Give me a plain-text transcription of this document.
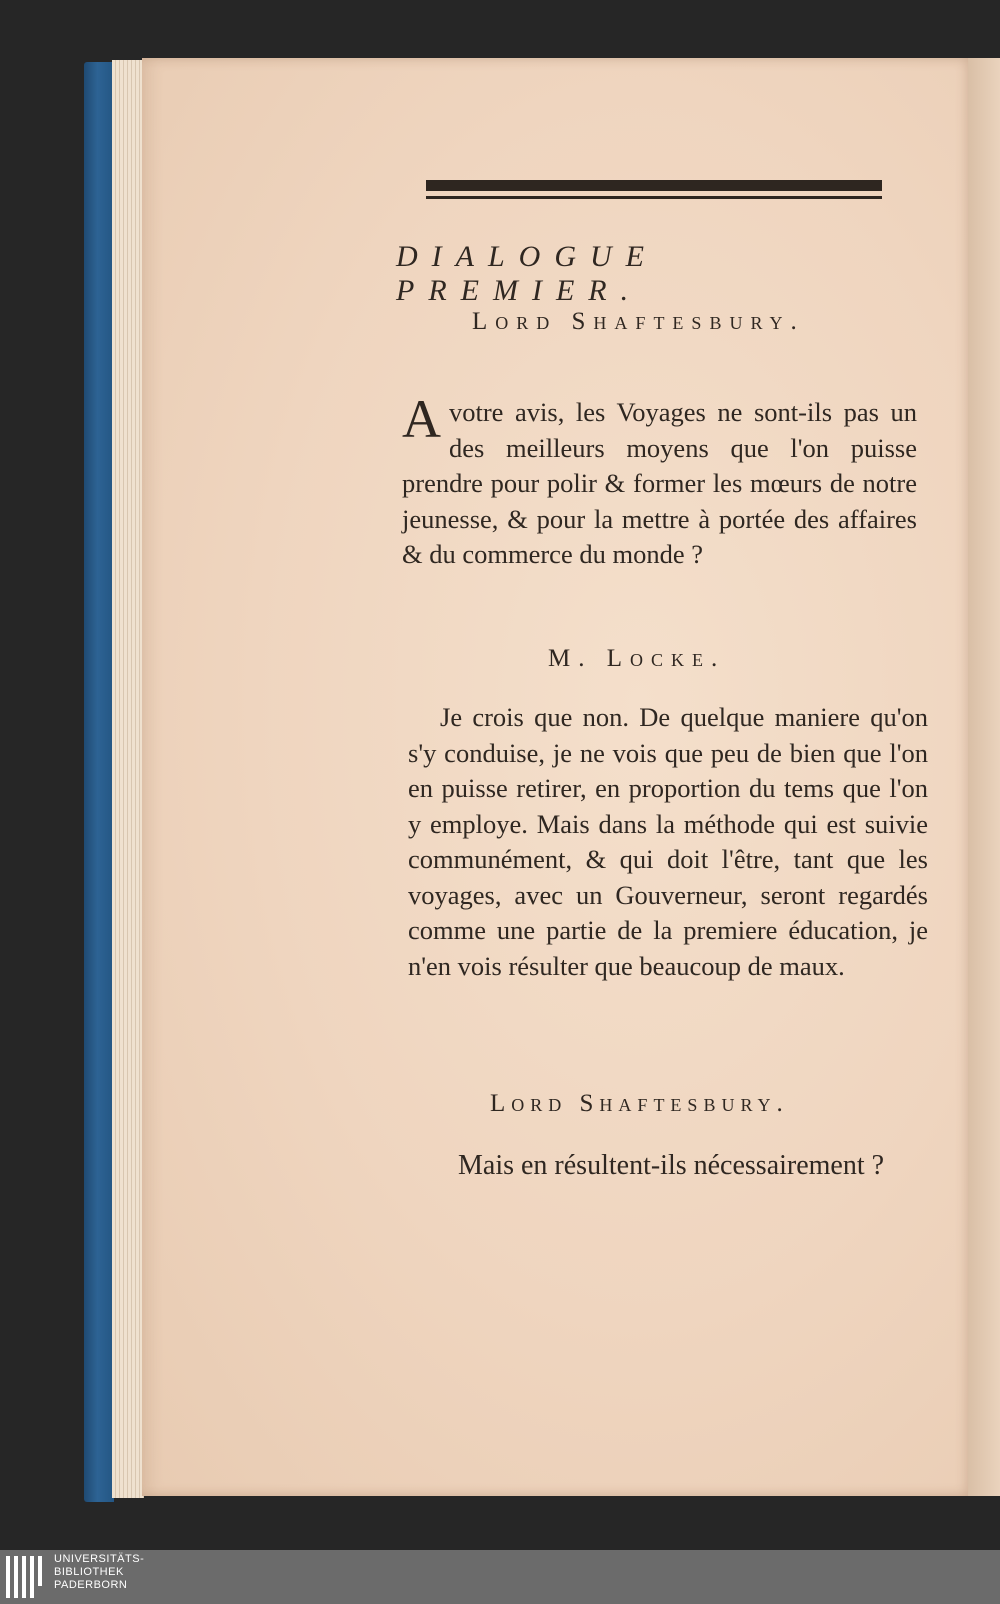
DIALOGUE PREMIER.
Lord Shaftesbury.
A votre avis, les Voyages ne sont-ils pas un des meilleurs moyens que l'on puisse prendre pour polir & former les mœurs de notre jeunesse, & pour la mettre à portée des affaires & du commerce du monde ?
M. Locke.
Je crois que non. De quelque maniere qu'on s'y conduise, je ne vois que peu de bien que l'on en puisse retirer, en proportion du tems que l'on y employe. Mais dans la méthode qui est suivie communément, & qui doit l'être, tant que les voyages, avec un Gouverneur, seront regardés comme une partie de la premiere éducation, je n'en vois résulter que beaucoup de maux.
Lord Shaftesbury.
Mais en résultent-ils nécessairement ?
UNIVERSITÄTS-
BIBLIOTHEK
PADERBORN
